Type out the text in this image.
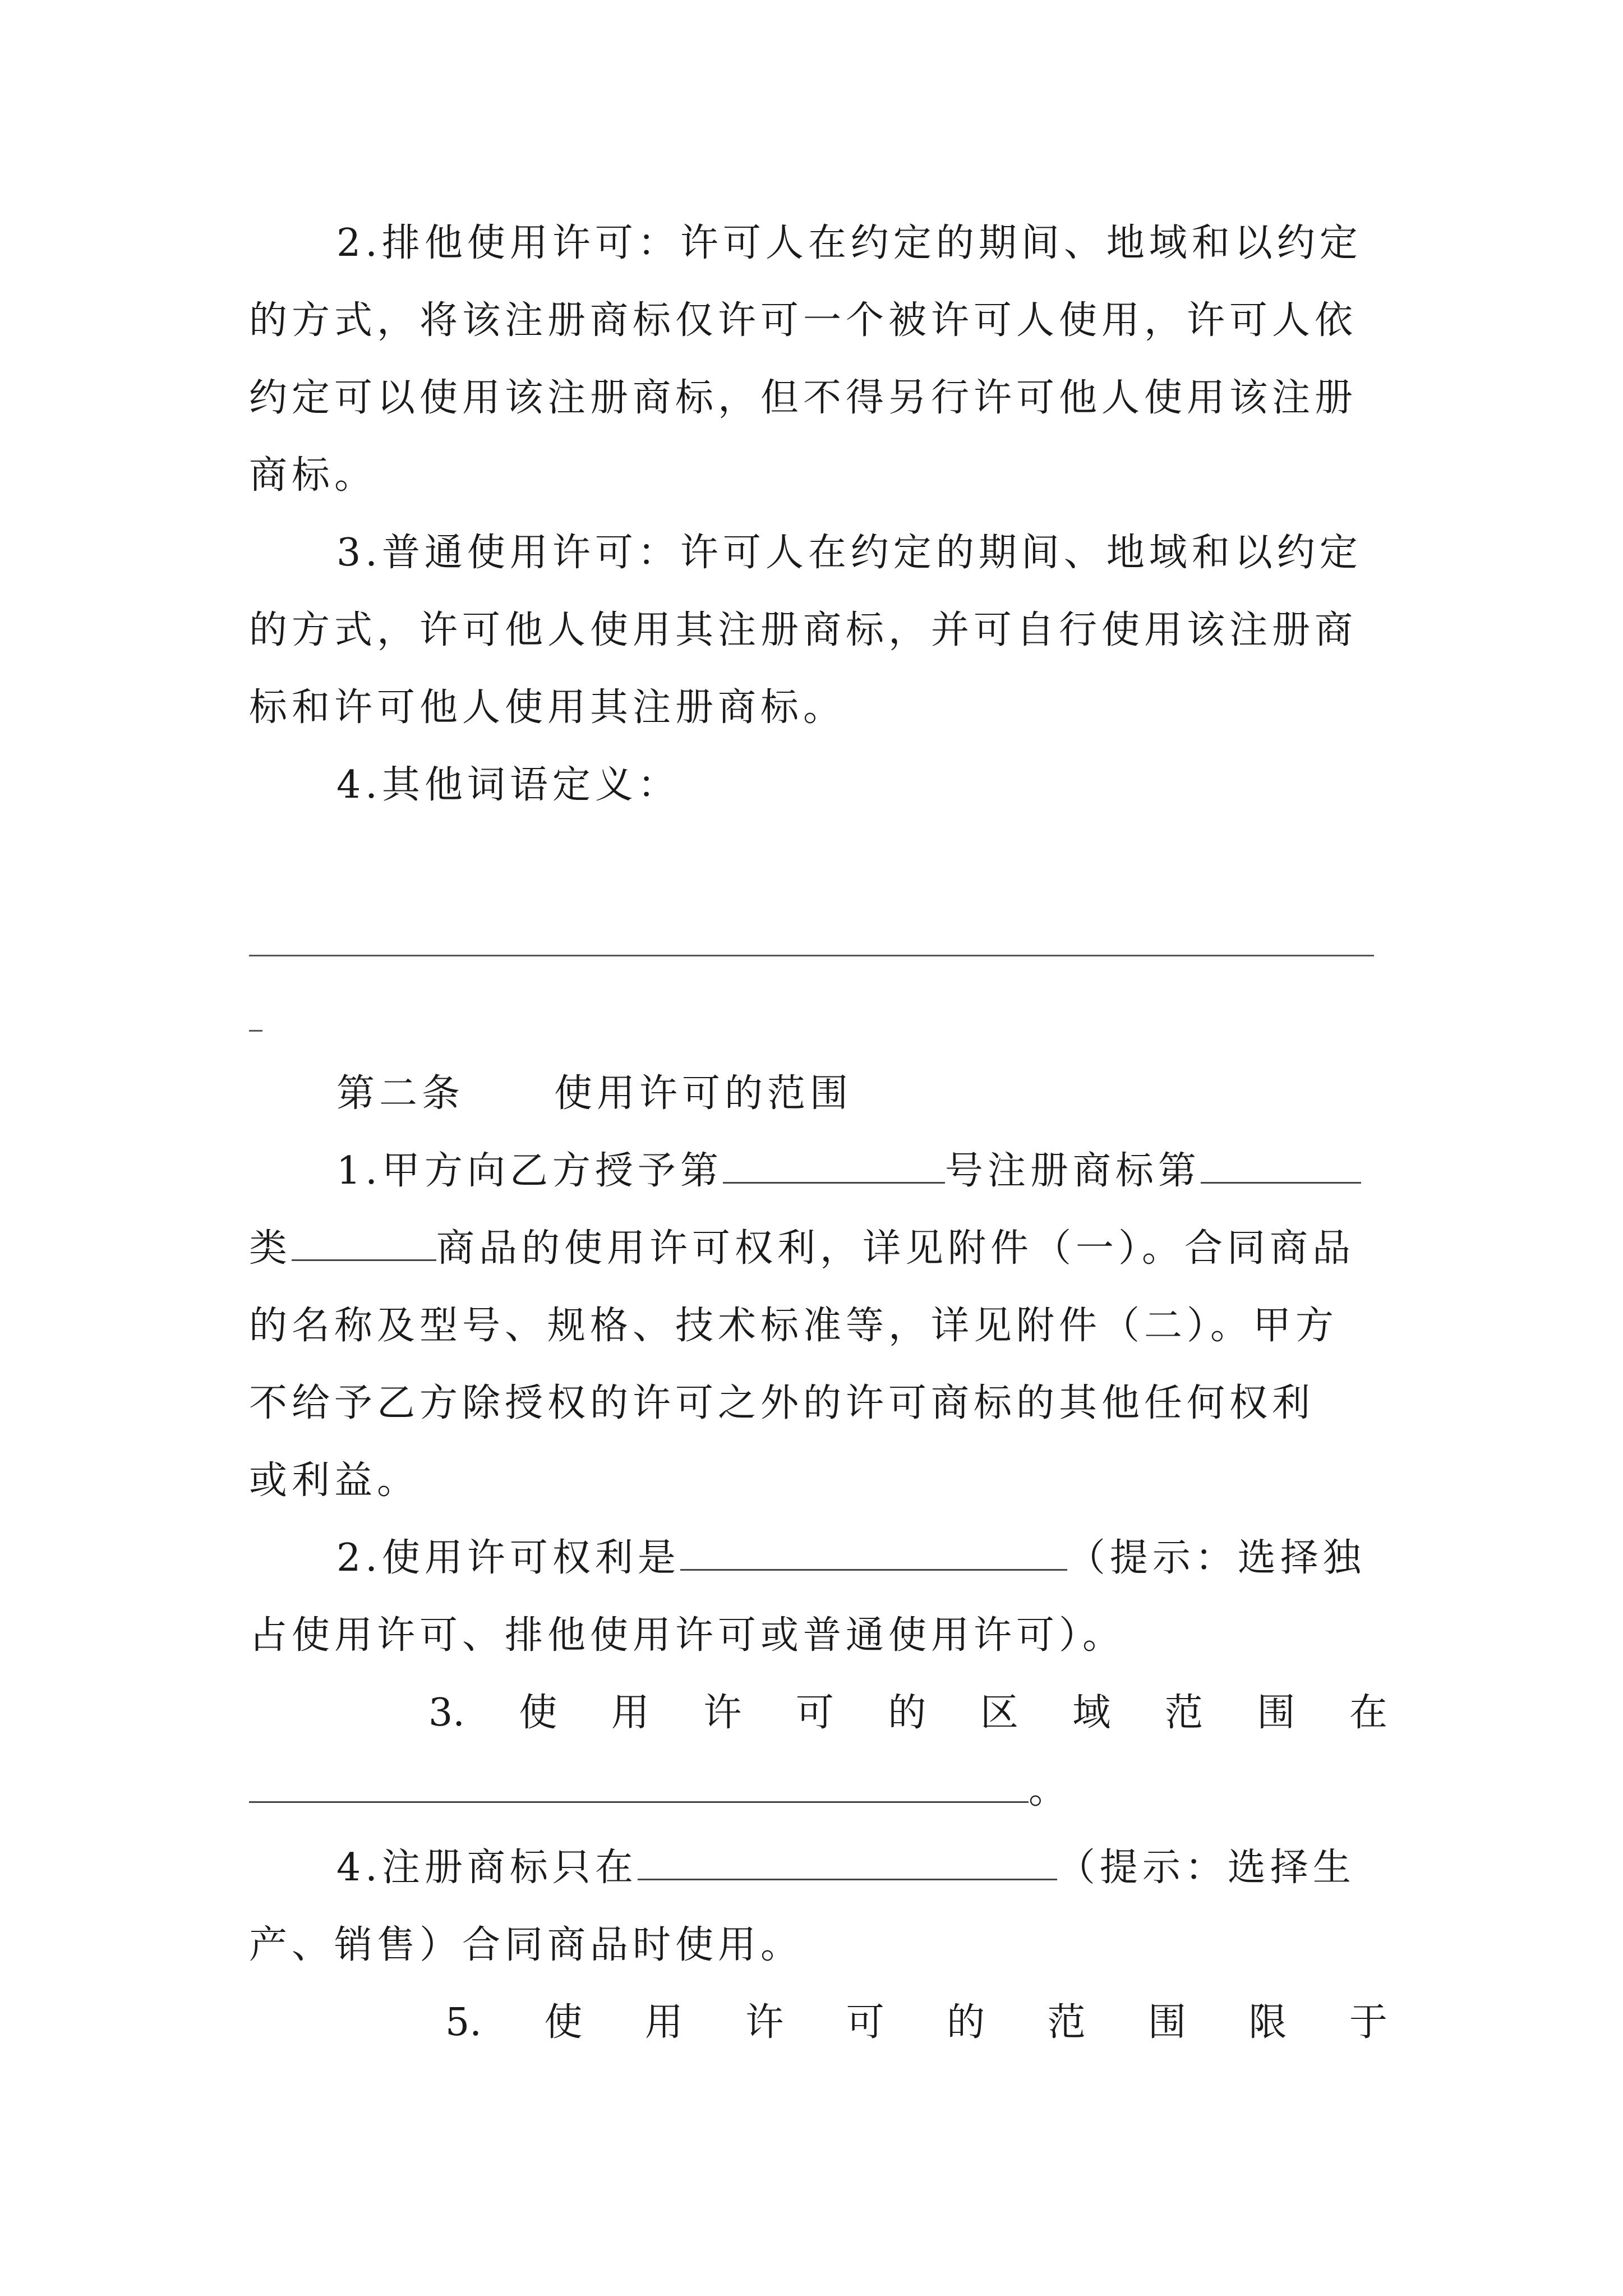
2.排他使用许可：许可人在约定的期间、地域和以约定
的方式，将该注册商标仅许可一个被许可人使用，许可人依
约定可以使用该注册商标，但不得另行许可他人使用该注册
商标。
3.普通使用许可：许可人在约定的期间、地域和以约定
的方式，许可他人使用其注册商标，并可自行使用该注册商
标和许可他人使用其注册商标。
4.其他词语定义：
第二条 使用许可的范围
1.甲方向乙方授予第	号注册商标第
类	商品的使用许可权利，详见附件（一）。合同商品
的名称及型号、规格、技术标准等，详见附件（二）。甲方
不给予乙方除授权的许可之外的许可商标的其他任何权利
或利益。
2.使用许可权利是	（提示：选择独
占使用许可、排他使用许可或普通使用许可）。
3. 使 用 许 可 的 区 域 范 围 在
。
4.注册商标只在	（提示：选择生
产、销售）合同商品时使用。
5. 使 用 许 可 的 范 围 限 于
